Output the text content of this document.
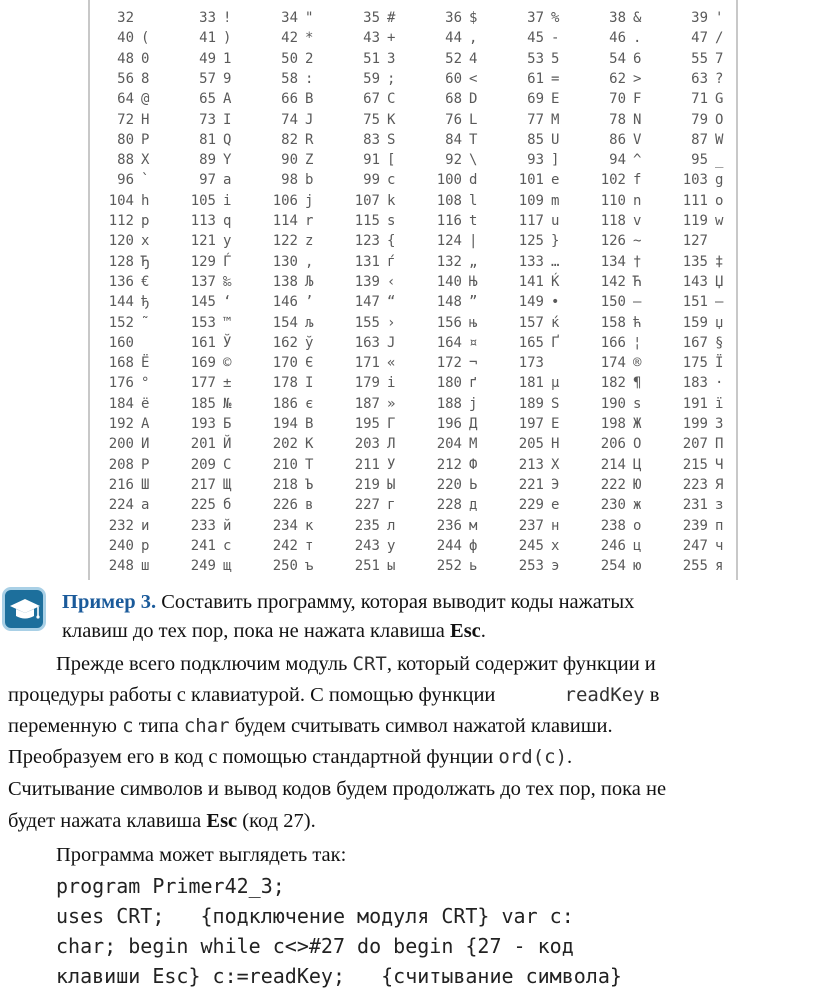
32	33 !	34 "	35 #	36 $	37 %	38 &	39 '
40 (	41 )	42 *	43 +	44 ,	45 -	46 .	47 /
48 0	49 1	50 2	51 3	52 4	53 5	54 6	55 7
56 8	57 9	58 :	59 ;	60 <	61 =	62 >	63 ?
64 @	65 A	66 B	67 C	68 D	69 E	70 F	71 G
72 H	73 I	74 J	75 K	76 L	77 M	78 N	79 O
80 P	81 Q	82 R	83 S	84 T	85 U	86 V	87 W
88 X	89 Y	90 Z	91 [	92 \	93 ]	94 ^	95 _
96 `	97 a	98 b	99 c	100 d	101 e	102 f	103 g
104 h	105 i	106 j	107 k	108 l	109 m	110 n	111 o
112 p	113 q	114 r	115 s	116 t	117 u	118 v	119 w
120 x	121 y	122 z	123 {	124 |	125 }	126 ~	127
128 Ђ	129 Ѓ	130 ‚	131 ѓ	132 „	133 …	134 †	135 ‡
136 €	137 ‰	138 Љ	139 ‹	140 Њ	141 Ќ	142 Ћ	143 Џ
144 ђ	145 ‘	146 ’	147 “	148 ”	149 •	150 –	151 —
152 ˜	153 ™	154 љ	155 ›	156 њ	157 ќ	158 ћ	159 џ
160	161 Ў	162 ў	163 Ј	164 ¤	165 Ґ	166 ¦	167 §
168 Ё	169 ©	170 Є	171 «	172 ¬	173	174 ®	175 Ї
176 °	177 ±	178 І	179 і	180 ґ	181 µ	182 ¶	183 ·
184 ё	185 №	186 є	187 »	188 ј	189 Ѕ	190 ѕ	191 ї
192 А	193 Б	194 В	195 Г	196 Д	197 Е	198 Ж	199 З
200 И	201 Й	202 К	203 Л	204 М	205 Н	206 О	207 П
208 Р	209 С	210 Т	211 У	212 Ф	213 Х	214 Ц	215 Ч
216 Ш	217 Щ	218 Ъ	219 Ы	220 Ь	221 Э	222 Ю	223 Я
224 а	225 б	226 в	227 г	228 д	229 е	230 ж	231 з
232 и	233 й	234 к	235 л	236 м	237 н	238 о	239 п
240 р	241 с	242 т	243 у	244 ф	245 х	246 ц	247 ч
248 ш	249 щ	250 ъ	251 ы	252 ь	253 э	254 ю	255 я
Пример 3. Составить программу, которая выводит коды нажатых
клавиш до тех пор, пока не нажата клавиша Esc.
Прежде всего подключим модуль CRT, который содержит функции и
процедуры работы с клавиатурой. С помощью функции	readKey в
переменную c типа char будем считывать символ нажатой клавиши.
Преобразуем его в код с помощью стандартной фунции ord(c).
Считывание символов и вывод кодов будем продолжать до тех пор, пока не
будет нажата клавиша Esc (код 27).
Программа может выглядеть так:
program Primer42_3;
uses CRT;   {подключение модуля CRT} var c:
char; begin while c<>#27 do begin {27 - код
клавиши Esc} c:=readKey;   {считывание символа}
